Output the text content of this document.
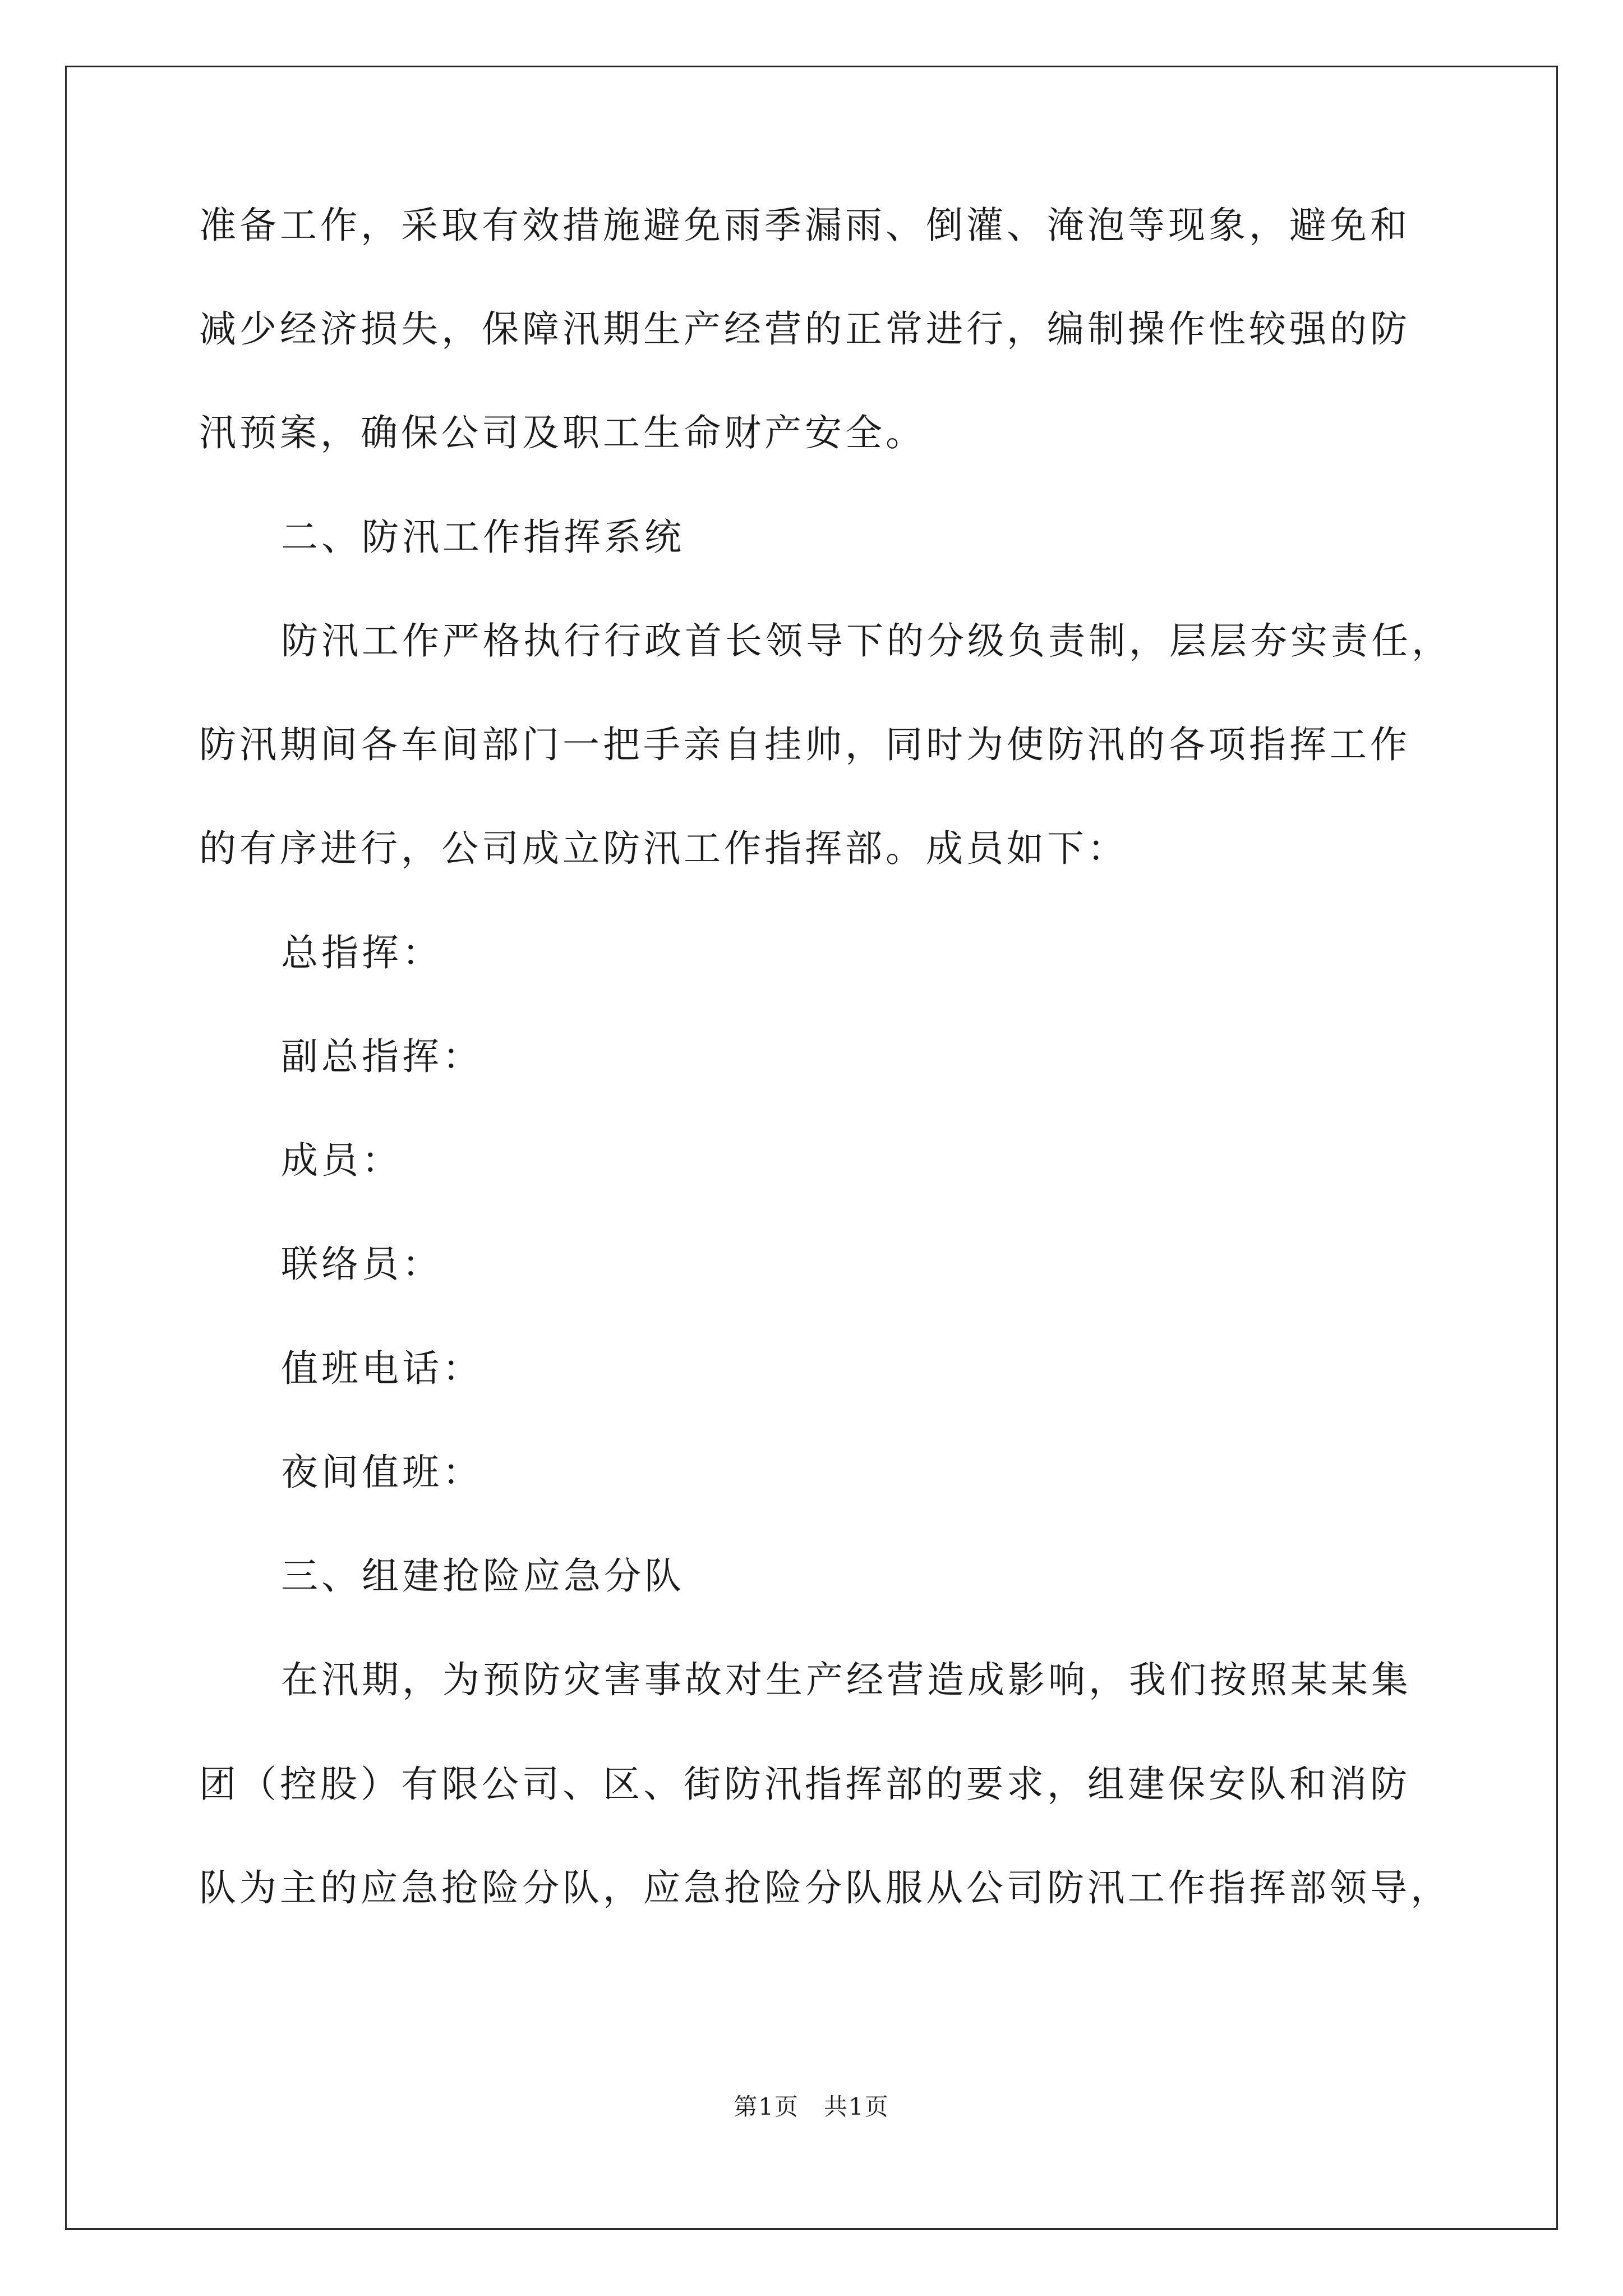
准备工作，采取有效措施避免雨季漏雨、倒灌、淹泡等现象，避免和
减少经济损失，保障汛期生产经营的正常进行，编制操作性较强的防
汛预案，确保公司及职工生命财产安全。
二、防汛工作指挥系统
防汛工作严格执行行政首长领导下的分级负责制，层层夯实责任，
防汛期间各车间部门一把手亲自挂帅，同时为使防汛的各项指挥工作
的有序进行，公司成立防汛工作指挥部。成员如下：
总指挥：
副总指挥：
成员：
联络员：
值班电话：
夜间值班：
三、组建抢险应急分队
在汛期，为预防灾害事故对生产经营造成影响，我们按照某某集
团（控股）有限公司、区、街防汛指挥部的要求，组建保安队和消防
队为主的应急抢险分队，应急抢险分队服从公司防汛工作指挥部领导，
第1页　共1页
